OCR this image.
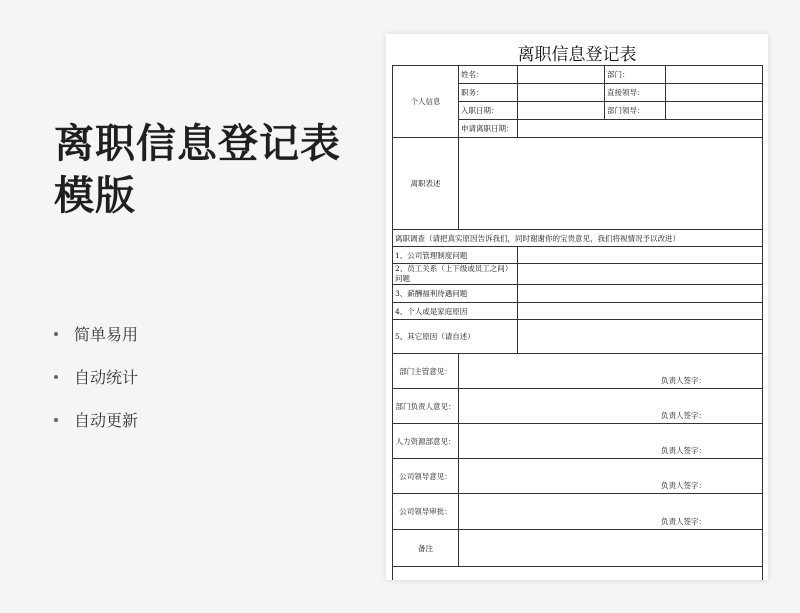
离职信息登记表
模版
简单易用
自动统计
自动更新
离职信息登记表
个人信息	姓名：		部门：	
	职务：		直接领导：	
	入职日期：		部门领导：	
	申请离职日期：			
离职表述				
离职调查（请把真实原因告诉我们，同时谢谢你的宝贵意见，我们将视情况予以改进）				
1、公司管理制度问题				
2、员工关系（上下级或员工之间）问题				
3、薪酬福利待遇问题				
4、个人或是家庭原因				
5、其它原因（请自述）				
部门主管意见：	负责人签字：			

部门负责人意见：	负责人签字：			

人力资源部意见：	负责人签字：			

公司领导意见：	负责人签字：			

公司领导审批：	负责人签字：			

备注				
